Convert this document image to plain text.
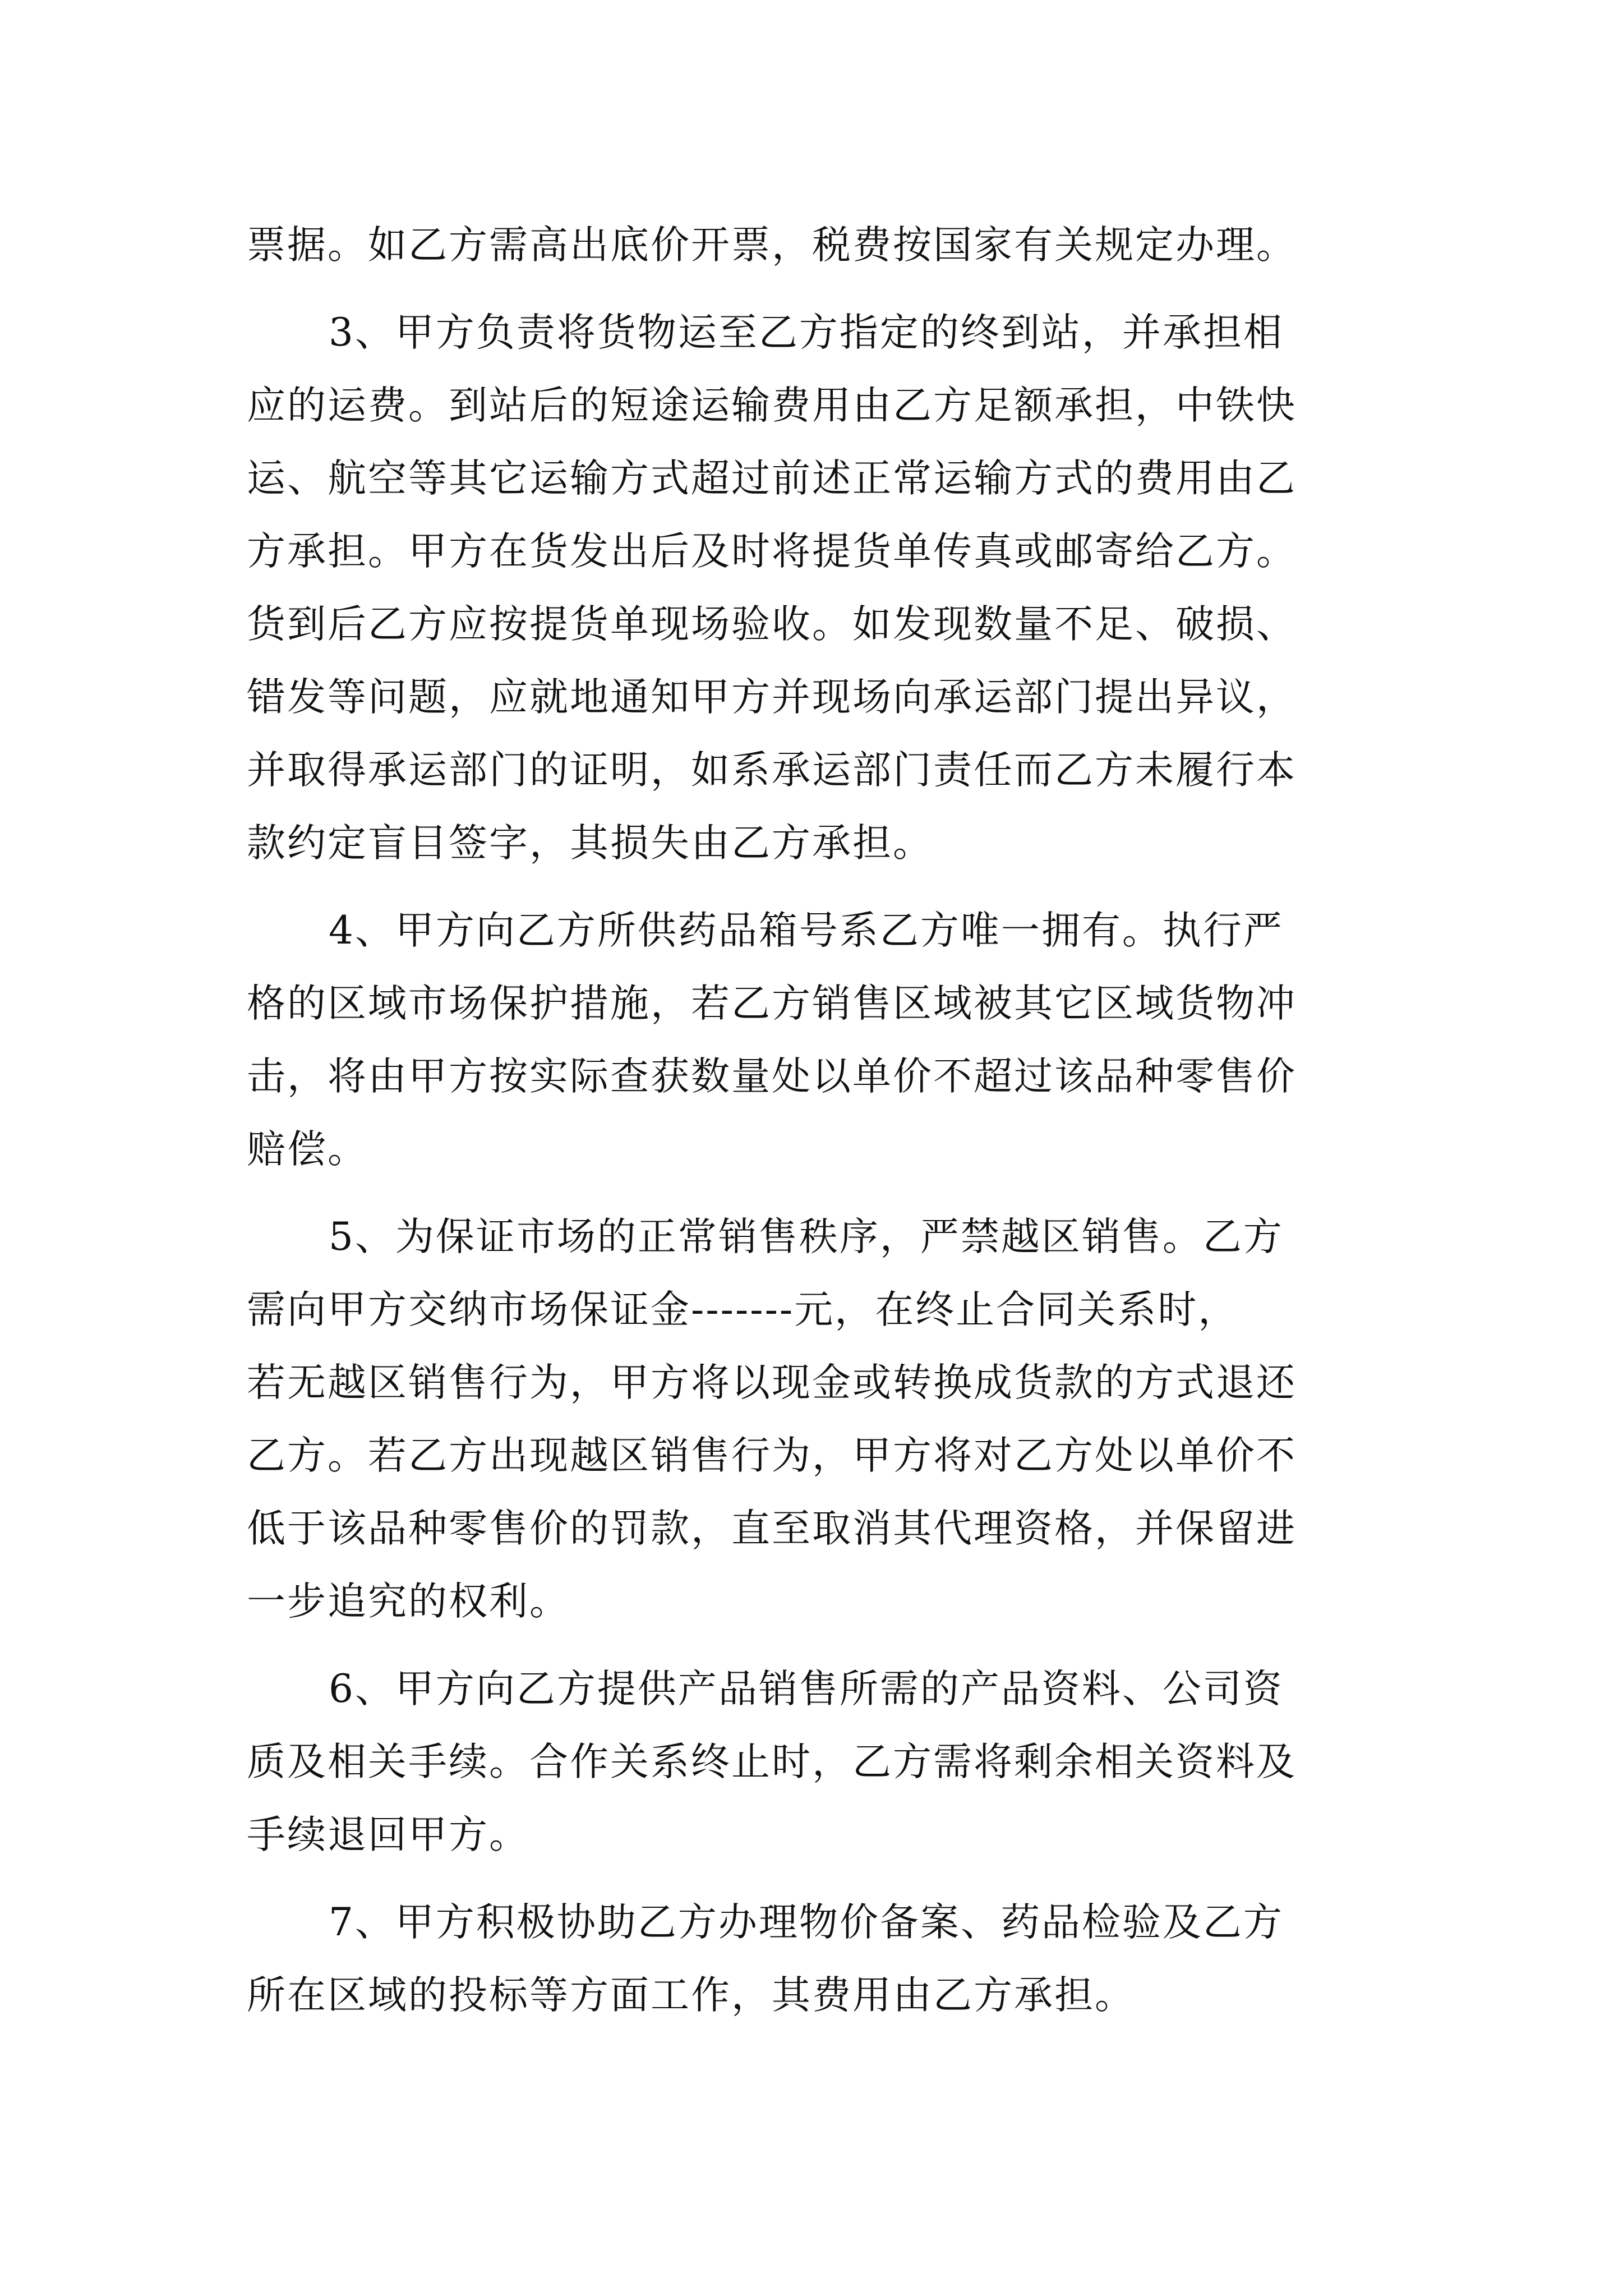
票据。如乙方需高出底价开票，税费按国家有关规定办理。
3、甲方负责将货物运至乙方指定的终到站，并承担相
应的运费。到站后的短途运输费用由乙方足额承担，中铁快
运、航空等其它运输方式超过前述正常运输方式的费用由乙
方承担。甲方在货发出后及时将提货单传真或邮寄给乙方。
货到后乙方应按提货单现场验收。如发现数量不足、破损、
错发等问题，应就地通知甲方并现场向承运部门提出异议，
并取得承运部门的证明，如系承运部门责任而乙方未履行本
款约定盲目签字，其损失由乙方承担。
4、甲方向乙方所供药品箱号系乙方唯一拥有。执行严
格的区域市场保护措施，若乙方销售区域被其它区域货物冲
击，将由甲方按实际查获数量处以单价不超过该品种零售价
赔偿。
5、为保证市场的正常销售秩序，严禁越区销售。乙方
需向甲方交纳市场保证金-------元，在终止合同关系时，
若无越区销售行为，甲方将以现金或转换成货款的方式退还
乙方。若乙方出现越区销售行为，甲方将对乙方处以单价不
低于该品种零售价的罚款，直至取消其代理资格，并保留进
一步追究的权利。
6、甲方向乙方提供产品销售所需的产品资料、公司资
质及相关手续。合作关系终止时，乙方需将剩余相关资料及
手续退回甲方。
7、甲方积极协助乙方办理物价备案、药品检验及乙方
所在区域的投标等方面工作，其费用由乙方承担。
